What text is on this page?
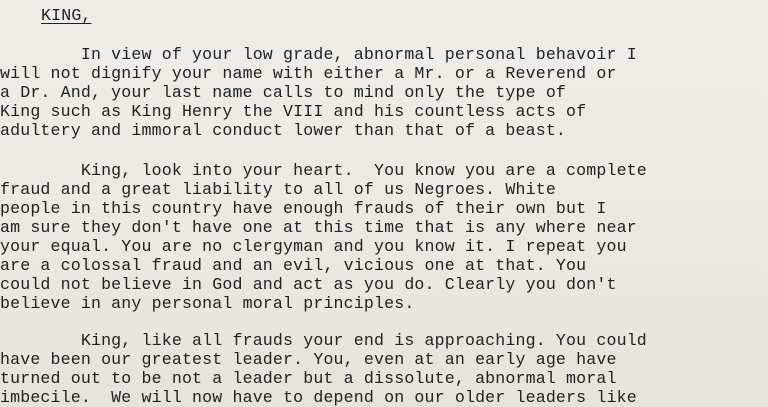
KING,

In view of your low grade, abnormal personal behavoir I
will not dignify your name with either a Mr. or a Reverend or
a Dr. And, your last name calls to mind only the type of
King such as King Henry the VIII and his countless acts of
adultery and immoral conduct lower than that of a beast.
King, look into your heart.  You know you are a complete
fraud and a great liability to all of us Negroes. White
people in this country have enough frauds of their own but I
am sure they don't have one at this time that is any where near
your equal. You are no clergyman and you know it. I repeat you
are a colossal fraud and an evil, vicious one at that. You
could not believe in God and act as you do. Clearly you don't
believe in any personal moral principles.
King, like all frauds your end is approaching. You could
have been our greatest leader. You, even at an early age have
turned out to be not a leader but a dissolute, abnormal moral
imbecile.  We will now have to depend on our older leaders like
